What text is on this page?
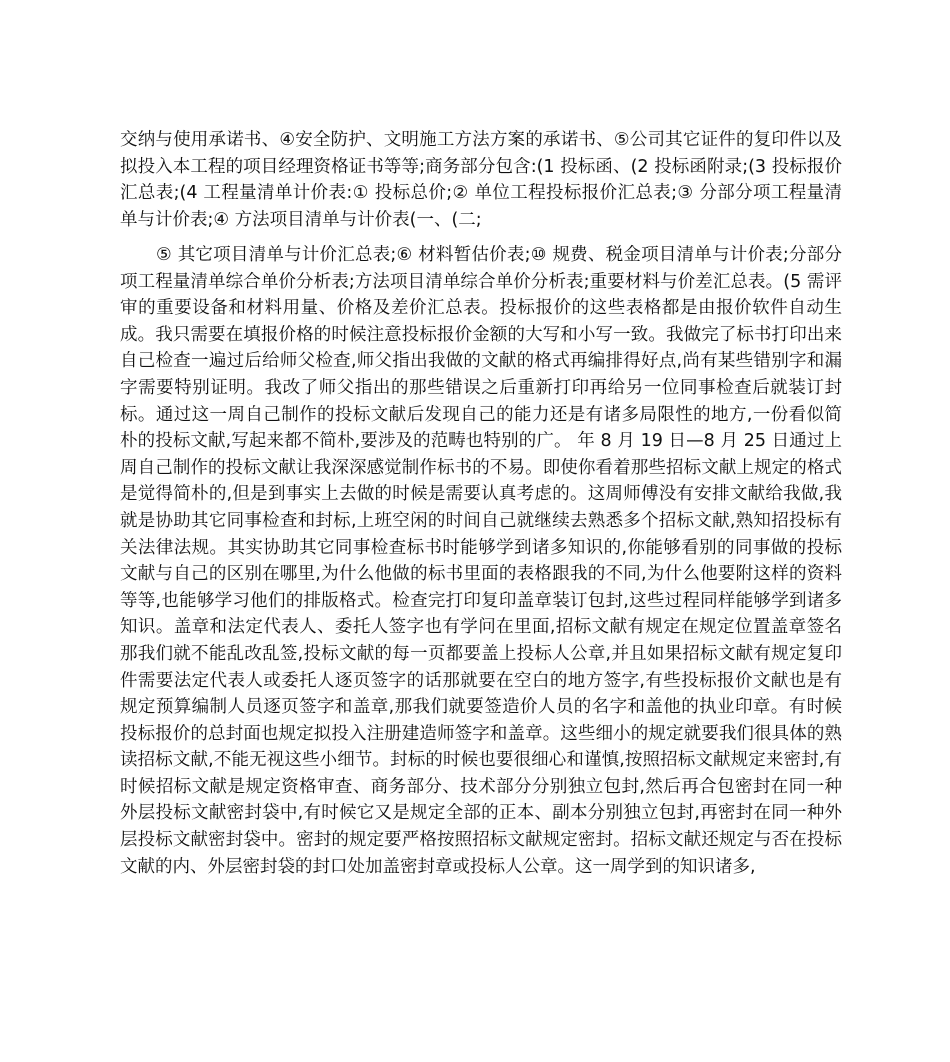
交纳与使用承诺书、④安全防护、文明施工方法方案的承诺书、⑤公司其它证件的复印件以及拟投入本工程的项目经理资格证书等等;商务部分包含:(1 投标函、(2 投标函附录;(3 投标报价汇总表;(4 工程量清单计价表:① 投标总价;② 单位工程投标报价汇总表;③ 分部分项工程量清单与计价表;④ 方法项目清单与计价表(一、(二;

⑤ 其它项目清单与计价汇总表;⑥ 材料暂估价表;⑩ 规费、税金项目清单与计价表;分部分项工程量清单综合单价分析表;方法项目清单综合单价分析表;重要材料与价差汇总表。(5 需评审的重要设备和材料用量、价格及差价汇总表。投标报价的这些表格都是由报价软件自动生成。我只需要在填报价格的时候注意投标报价金额的大写和小写一致。我做完了标书打印出来自己检查一遍过后给师父检查,师父指出我做的文献的格式再编排得好点,尚有某些错别字和漏字需要特别证明。我改了师父指出的那些错误之后重新打印再给另一位同事检查后就装订封标。通过这一周自己制作的投标文献后发现自己的能力还是有诸多局限性的地方,一份看似简朴的投标文献,写起来都不简朴,要涉及的范畴也特别的广。 年 8 月 19 日—8 月 25 日通过上周自己制作的投标文献让我深深感觉制作标书的不易。即使你看着那些招标文献上规定的格式是觉得简朴的,但是到事实上去做的时候是需要认真考虑的。这周师傅没有安排文献给我做,我就是协助其它同事检查和封标,上班空闲的时间自己就继续去熟悉多个招标文献,熟知招投标有关法律法规。其实协助其它同事检查标书时能够学到诸多知识的,你能够看别的同事做的投标文献与自己的区别在哪里,为什么他做的标书里面的表格跟我的不同,为什么他要附这样的资料等等,也能够学习他们的排版格式。检查完打印复印盖章装订包封,这些过程同样能够学到诸多知识。盖章和法定代表人、委托人签字也有学问在里面,招标文献有规定在规定位置盖章签名那我们就不能乱改乱签,投标文献的每一页都要盖上投标人公章,并且如果招标文献有规定复印件需要法定代表人或委托人逐页签字的话那就要在空白的地方签字,有些投标报价文献也是有规定预算编制人员逐页签字和盖章,那我们就要签造价人员的名字和盖他的执业印章。有时候投标报价的总封面也规定拟投入注册建造师签字和盖章。这些细小的规定就要我们很具体的熟读招标文献,不能无视这些小细节。封标的时候也要很细心和谨慎,按照招标文献规定来密封,有时候招标文献是规定资格审查、商务部分、技术部分分别独立包封,然后再合包密封在同一种外层投标文献密封袋中,有时候它又是规定全部的正本、副本分别独立包封,再密封在同一种外层投标文献密封袋中。密封的规定要严格按照招标文献规定密封。招标文献还规定与否在投标文献的内、外层密封袋的封口处加盖密封章或投标人公章。这一周学到的知识诸多,
